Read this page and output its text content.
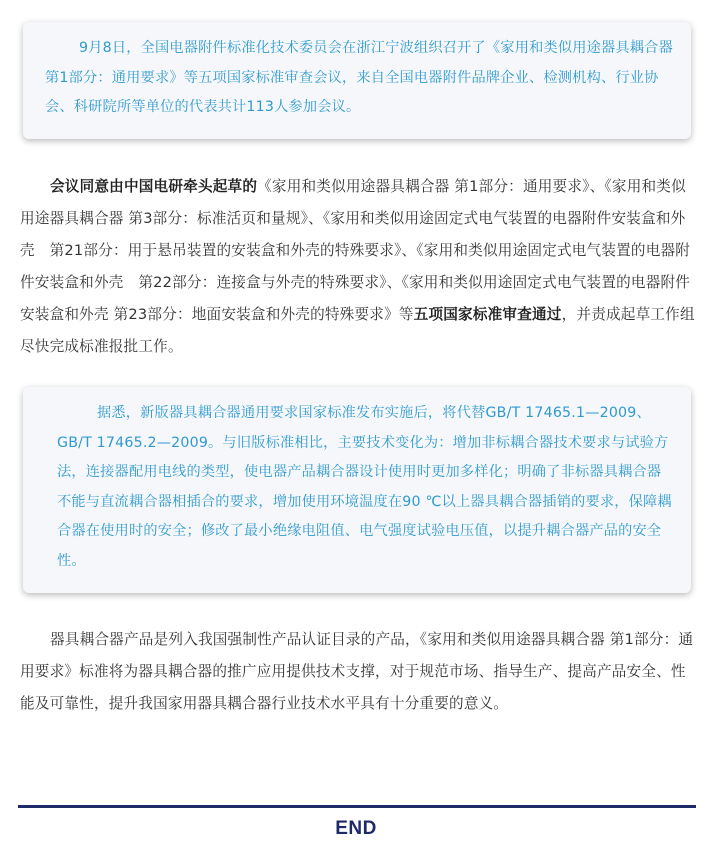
9月8日，全国电器附件标准化技术委员会在浙江宁波组织召开了《家用和类似用途器具耦合器　第1部分：通用要求》等五项国家标准审查会议，来自全国电器附件品牌企业、检测机构、行业协会、科研院所等单位的代表共计113人参加会议。

会议同意由中国电研牵头起草的《家用和类似用途器具耦合器 第1部分：通用要求》、《家用和类似用途器具耦合器 第3部分：标准活页和量规》、《家用和类似用途固定式电气装置的电器附件安装盒和外壳　第21部分：用于悬吊装置的安装盒和外壳的特殊要求》、《家用和类似用途固定式电气装置的电器附件安装盒和外壳　第22部分：连接盒与外壳的特殊要求》、《家用和类似用途固定式电气装置的电器附件安装盒和外壳 第23部分：地面安装盒和外壳的特殊要求》等五项国家标准审查通过，并责成起草工作组尽快完成标准报批工作。

据悉，新版器具耦合器通用要求国家标准发布实施后，将代替GB/T 17465.1—2009、GB/T 17465.2—2009。与旧版标准相比，主要技术变化为：增加非标耦合器技术要求与试验方法，连接器配用电线的类型，使电器产品耦合器设计使用时更加多样化；明确了非标器具耦合器不能与直流耦合器相插合的要求，增加使用环境温度在90 ℃以上器具耦合器插销的要求，保障耦合器在使用时的安全；修改了最小绝缘电阻值、电气强度试验电压值，以提升耦合器产品的安全性。

器具耦合器产品是列入我国强制性产品认证目录的产品，《家用和类似用途器具耦合器 第1部分：通用要求》标准将为器具耦合器的推广应用提供技术支撑，对于规范市场、指导生产、提高产品安全、性能及可靠性，提升我国家用器具耦合器行业技术水平具有十分重要的意义。

END
